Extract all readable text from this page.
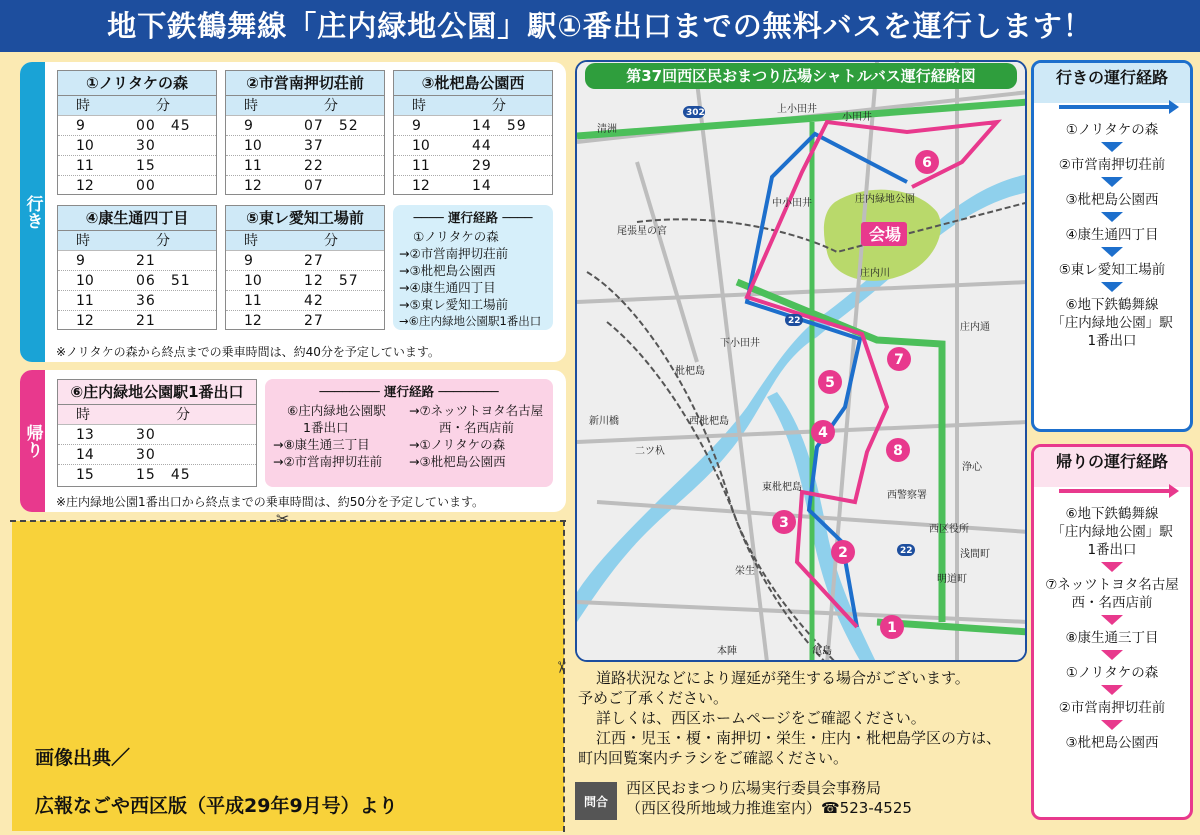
地下鉄鶴舞線「庄内緑地公園」駅①番出口までの無料バスを運行します！
行き
①ノリタケの森
時	分
9	00　45
10	30
11	15
12	00
②市営南押切荘前
時	分
9	07　52
10	37
11	22
12	07
③枇杷島公園西
時	分
9	14　59
10	44
11	29
12	14
④康生通四丁目
時	分
9	21
10	06　51
11	36
12	21
⑤東レ愛知工場前
時	分
9	27
10	12　57
11	42
12	27
──── 運行経路 ────
①ノリタケの森
→②市営南押切荘前
→③枇杷島公園西
→④康生通四丁目
→⑤東レ愛知工場前
→⑥庄内緑地公園駅1番出口
※ノリタケの森から終点までの乗車時間は、約40分を予定しています。
帰り
⑥庄内緑地公園駅1番出口
時	分
13	30
14	30
15	15　45
──────── 運行経路 ────────
⑥庄内緑地公園駅
1番出口
→⑧康生通三丁目
→②市営南押切荘前
→⑦ネッツトヨタ名古屋
西・名西店前
→①ノリタケの森
→③枇杷島公園西
※庄内緑地公園1番出口から終点までの乗車時間は、約50分を予定しています。
✂
✂
画像出典／
広報なごや西区版（平成29年9月号）より
清洲
上小田井
小田井
中小田井	庄内緑地公園
尾張星の宮
庄内川
下小田井
枇杷島
新川橋	西枇杷島
二ツ杁
庄内通
東枇杷島
西警察署
西区役所
浄心
浅間町
明道町
栄生
本陣	亀島
302
22
22
会場
1
2
3
4
5
6
7
8
第37回西区民おまつり広場シャトルバス運行経路図
道路状況などにより遅延が発生する場合がございます。
予めご了承ください。
詳しくは、西区ホームページをご確認ください。
江西・児玉・榎・南押切・栄生・庄内・枇杷島学区の方は、
町内回覧案内チラシをご確認ください。
問合
西区民おまつり広場実行委員会事務局
（西区役所地域力推進室内）☎523-4525
行きの運行経路
①ノリタケの森
②市営南押切荘前
③枇杷島公園西
④康生通四丁目
⑤東レ愛知工場前
⑥地下鉄鶴舞線
「庄内緑地公園」駅
1番出口
帰りの運行経路
⑥地下鉄鶴舞線
「庄内緑地公園」駅
1番出口
⑦ネッツトヨタ名古屋
西・名西店前
⑧康生通三丁目
①ノリタケの森
②市営南押切荘前
③枇杷島公園西
